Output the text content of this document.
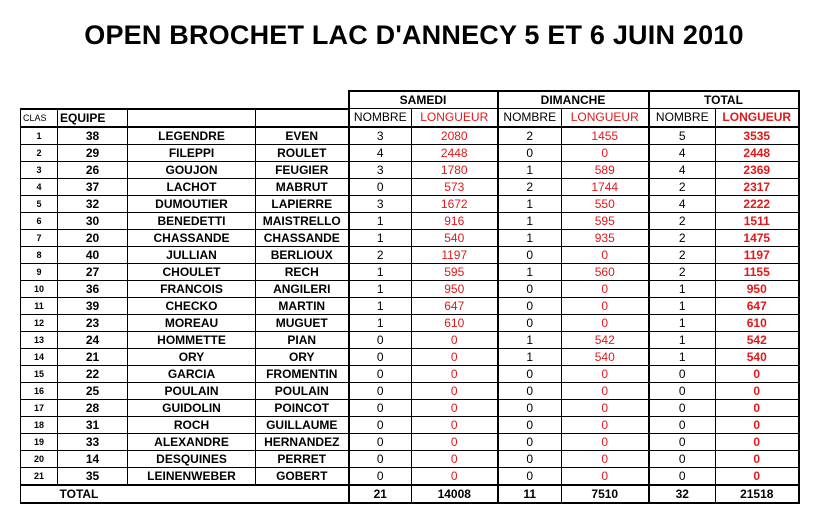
OPEN BROCHET LAC D'ANNECY 5 ET 6 JUIN 2010
				SAMEDI		DIMANCHE		TOTAL	
CLAS	EQUIPE			NOMBRE	LONGUEUR	NOMBRE	LONGUEUR	NOMBRE	LONGUEUR
1	38	LEGENDRE	EVEN	3	2080	2	1455	5	3535
2	29	FILEPPI	ROULET	4	2448	0	0	4	2448
3	26	GOUJON	FEUGIER	3	1780	1	589	4	2369
4	37	LACHOT	MABRUT	0	573	2	1744	2	2317
5	32	DUMOUTIER	LAPIERRE	3	1672	1	550	4	2222
6	30	BENEDETTI	MAISTRELLO	1	916	1	595	2	1511
7	20	CHASSANDE	CHASSANDE	1	540	1	935	2	1475
8	40	JULLIAN	BERLIOUX	2	1197	0	0	2	1197
9	27	CHOULET	RECH	1	595	1	560	2	1155
10	36	FRANCOIS	ANGILERI	1	950	0	0	1	950
11	39	CHECKO	MARTIN	1	647	0	0	1	647
12	23	MOREAU	MUGUET	1	610	0	0	1	610
13	24	HOMMETTE	PIAN	0	0	1	542	1	542
14	21	ORY	ORY	0	0	1	540	1	540
15	22	GARCIA	FROMENTIN	0	0	0	0	0	0
16	25	POULAIN	POULAIN	0	0	0	0	0	0
17	28	GUIDOLIN	POINCOT	0	0	0	0	0	0
18	31	ROCH	GUILLAUME	0	0	0	0	0	0
19	33	ALEXANDRE	HERNANDEZ	0	0	0	0	0	0
20	14	DESQUINES	PERRET	0	0	0	0	0	0
21	35	LEINENWEBER	GOBERT	0	0	0	0	0	0
	TOTAL			21	14008	11	7510	32	21518
